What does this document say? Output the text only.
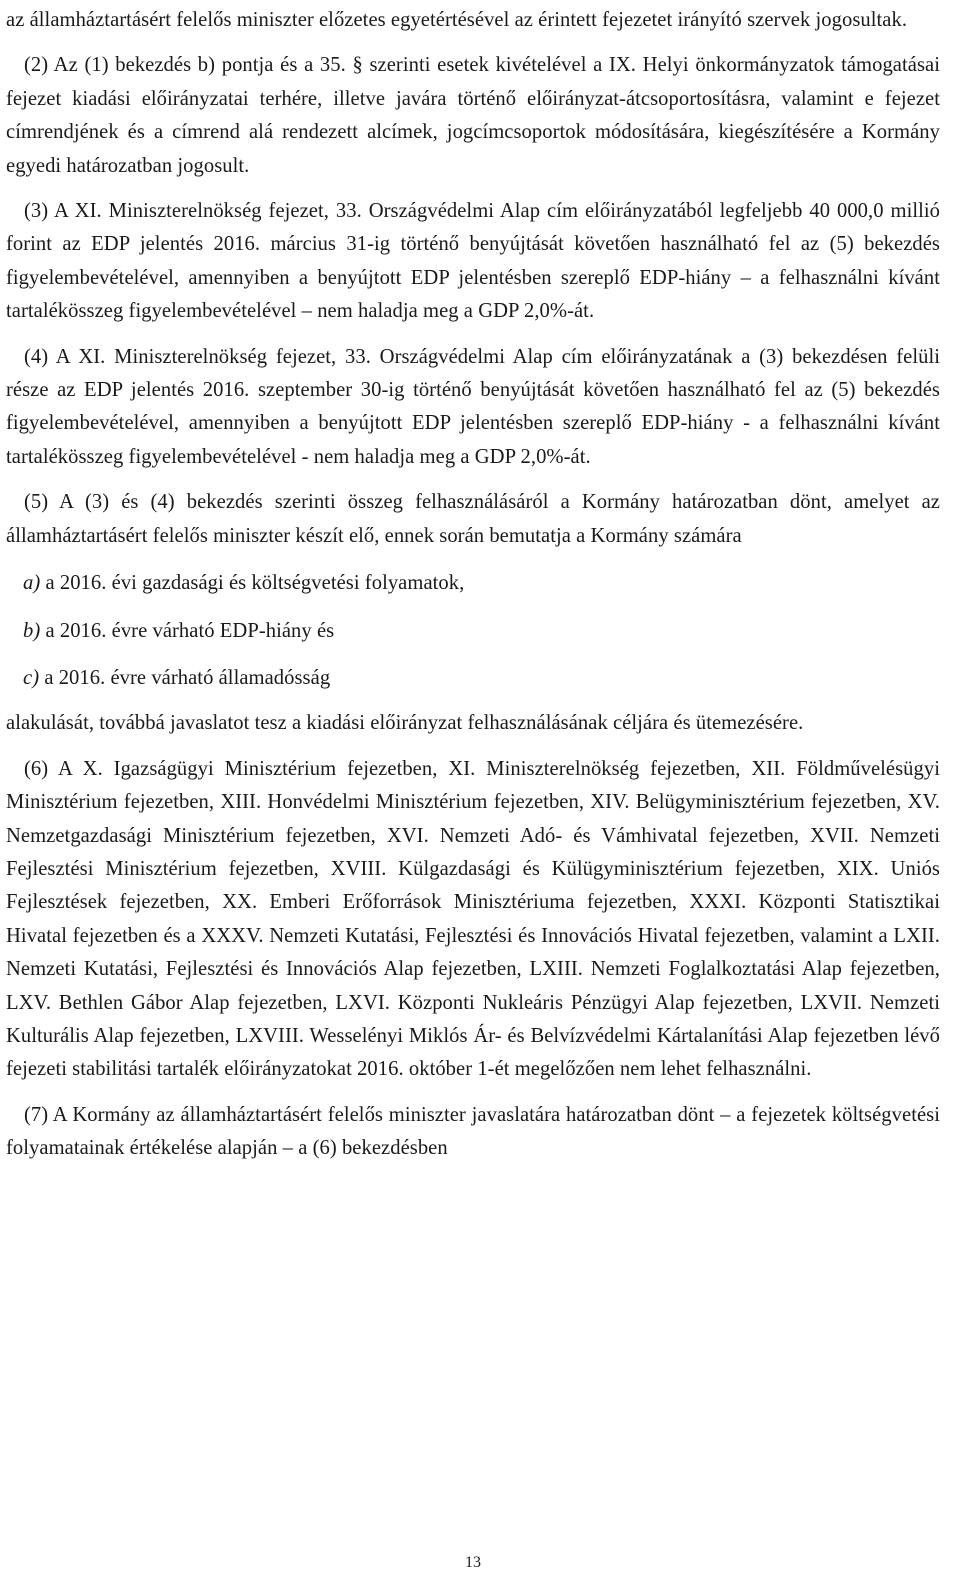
az államháztartásért felelős miniszter előzetes egyetértésével az érintett fejezetet irányító szervek jogosultak.

(2) Az (1) bekezdés b) pontja és a 35. § szerinti esetek kivételével a IX. Helyi önkormányzatok támogatásai fejezet kiadási előirányzatai terhére, illetve javára történő előirányzat-átcsoportosításra, valamint e fejezet címrendjének és a címrend alá rendezett alcímek, jogcímcsoportok módosítására, kiegészítésére a Kormány egyedi határozatban jogosult.

(3) A XI. Miniszterelnökség fejezet, 33. Országvédelmi Alap cím előirányzatából legfeljebb 40 000,0 millió forint az EDP jelentés 2016. március 31-ig történő benyújtását követően használható fel az (5) bekezdés figyelembevételével, amennyiben a benyújtott EDP jelentésben szereplő EDP-hiány – a felhasználni kívánt tartalékösszeg figyelembevételével – nem haladja meg a GDP 2,0%-át.

(4) A XI. Miniszterelnökség fejezet, 33. Országvédelmi Alap cím előirányzatának a (3) bekezdésen felüli része az EDP jelentés 2016. szeptember 30-ig történő benyújtását követően használható fel az (5) bekezdés figyelembevételével, amennyiben a benyújtott EDP jelentésben szereplő EDP-hiány - a felhasználni kívánt tartalékösszeg figyelembevételével - nem haladja meg a GDP 2,0%-át.

(5) A (3) és (4) bekezdés szerinti összeg felhasználásáról a Kormány határozatban dönt, amelyet az államháztartásért felelős miniszter készít elő, ennek során bemutatja a Kormány számára

a) a 2016. évi gazdasági és költségvetési folyamatok,

b) a 2016. évre várható EDP-hiány és

c) a 2016. évre várható államadósság

alakulását, továbbá javaslatot tesz a kiadási előirányzat felhasználásának céljára és ütemezésére.

(6) A X. Igazságügyi Minisztérium fejezetben, XI. Miniszterelnökség fejezetben, XII. Földművelésügyi Minisztérium fejezetben, XIII. Honvédelmi Minisztérium fejezetben, XIV. Belügyminisztérium fejezetben, XV. Nemzetgazdasági Minisztérium fejezetben, XVI. Nemzeti Adó- és Vámhivatal fejezetben, XVII. Nemzeti Fejlesztési Minisztérium fejezetben, XVIII. Külgazdasági és Külügyminisztérium fejezetben, XIX. Uniós Fejlesztések fejezetben, XX. Emberi Erőforrások Minisztériuma fejezetben, XXXI. Központi Statisztikai Hivatal fejezetben és a XXXV. Nemzeti Kutatási, Fejlesztési és Innovációs Hivatal fejezetben, valamint a LXII. Nemzeti Kutatási, Fejlesztési és Innovációs Alap fejezetben, LXIII. Nemzeti Foglalkoztatási Alap fejezetben, LXV. Bethlen Gábor Alap fejezetben, LXVI. Központi Nukleáris Pénzügyi Alap fejezetben, LXVII. Nemzeti Kulturális Alap fejezetben, LXVIII. Wesselényi Miklós Ár- és Belvízvédelmi Kártalanítási Alap fejezetben lévő fejezeti stabilitási tartalék előirányzatokat 2016. október 1-ét megelőzően nem lehet felhasználni.

(7) A Kormány az államháztartásért felelős miniszter javaslatára határozatban dönt – a fejezetek költségvetési folyamatainak értékelése alapján – a (6) bekezdésben

13
